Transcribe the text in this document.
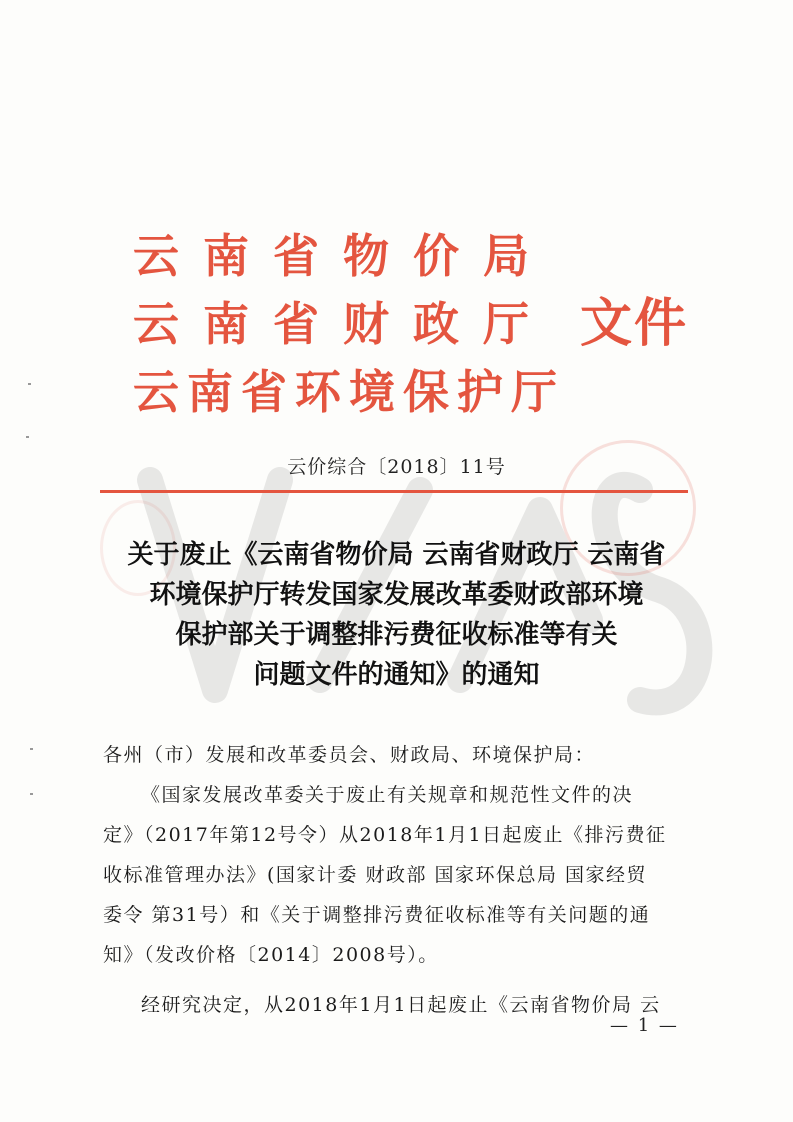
云南省物价局
云南省财政厅
云南省环境保护厅
文件
云价综合〔2018〕11号
关于废止《云南省物价局 云南省财政厅 云南省
环境保护厅转发国家发展改革委财政部环境
保护部关于调整排污费征收标准等有关
问题文件的通知》的通知
各州（市）发展和改革委员会、财政局、环境保护局：
《国家发展改革委关于废止有关规章和规范性文件的决
定》（2017年第12号令）从2018年1月1日起废止《排污费征
收标准管理办法》(国家计委 财政部 国家环保总局 国家经贸
委令 第31号）和《关于调整排污费征收标准等有关问题的通
知》（发改价格〔2014〕2008号）。
经研究决定，从2018年1月1日起废止《云南省物价局 云
— 1 —
